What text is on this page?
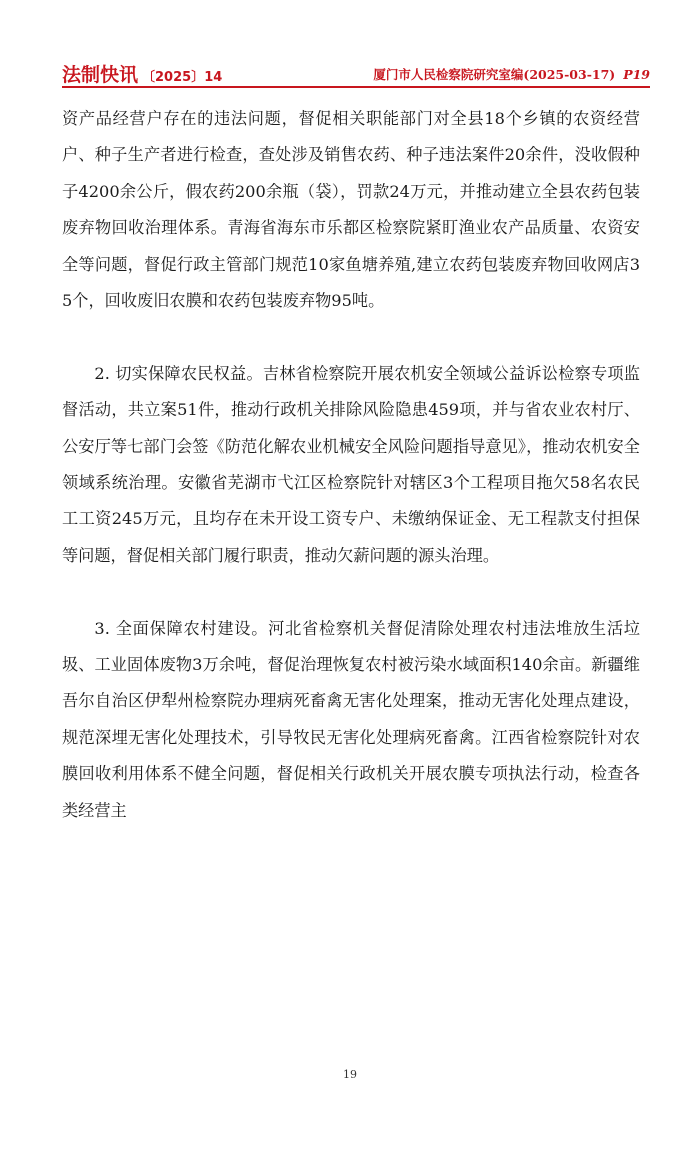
法制快讯 〔2025〕14	厦门市人民检察院研究室编(2025-03-17) P19

资产品经营户存在的违法问题，督促相关职能部门对全县18个乡镇的农资经营户、种子生产者进行检查，查处涉及销售农药、种子违法案件20余件，没收假种子4200余公斤，假农药200余瓶（袋），罚款24万元，并推动建立全县农药包装废弃物回收治理体系。青海省海东市乐都区检察院紧盯渔业农产品质量、农资安全等问题，督促行政主管部门规范10家鱼塘养殖,建立农药包装废弃物回收网店35个，回收废旧农膜和农药包装废弃物95吨。

2. 切实保障农民权益。吉林省检察院开展农机安全领域公益诉讼检察专项监督活动，共立案51件，推动行政机关排除风险隐患459项，并与省农业农村厅、公安厅等七部门会签《防范化解农业机械安全风险问题指导意见》，推动农机安全领域系统治理。安徽省芜湖市弋江区检察院针对辖区3个工程项目拖欠58名农民工工资245万元，且均存在未开设工资专户、未缴纳保证金、无工程款支付担保等问题，督促相关部门履行职责，推动欠薪问题的源头治理。

3. 全面保障农村建设。河北省检察机关督促清除处理农村违法堆放生活垃圾、工业固体废物3万余吨，督促治理恢复农村被污染水域面积140余亩。新疆维吾尔自治区伊犁州检察院办理病死畜禽无害化处理案，推动无害化处理点建设，规范深埋无害化处理技术，引导牧民无害化处理病死畜禽。江西省检察院针对农膜回收利用体系不健全问题，督促相关行政机关开展农膜专项执法行动，检查各类经营主

19
